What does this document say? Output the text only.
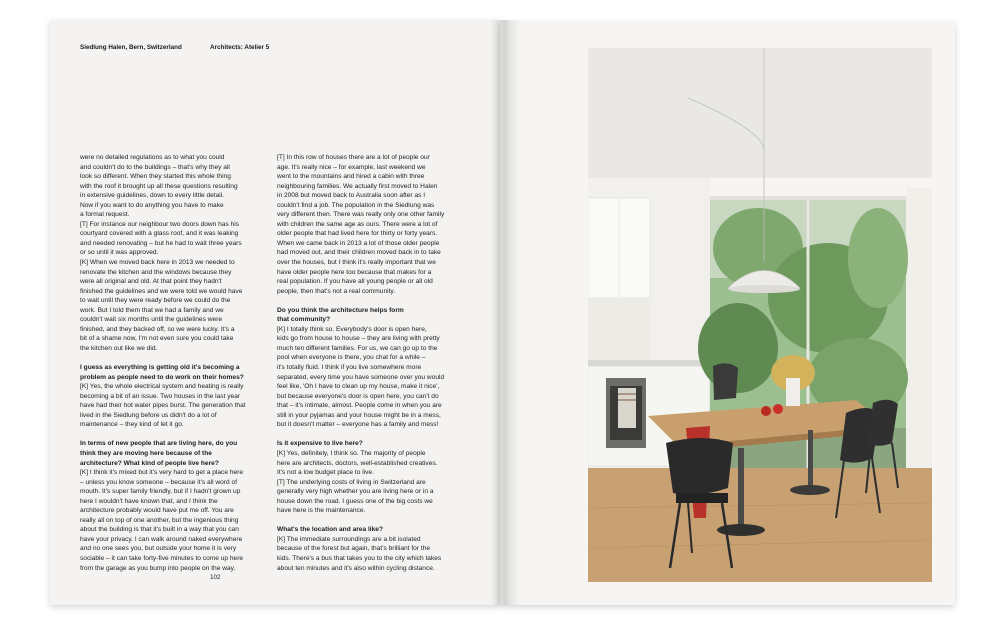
Siedlung Halen, Bern, Switzerland	Architects: Atelier 5

were no detailed regulations as to what you could

and couldn't do to the buildings – that's why they all

look so different. When they started this whole thing

with the roof it brought up all these questions resulting

in extensive guidelines, down to every little detail.

Now if you want to do anything you have to make

a formal request.

[T] For instance our neighbour two doors down has his

courtyard covered with a glass roof, and it was leaking

and needed renovating – but he had to wait three years

or so until it was approved.

[K] When we moved back here in 2013 we needed to

renovate the kitchen and the windows because they

were all original and old. At that point they hadn't

finished the guidelines and we were told we would have

to wait until they were ready before we could do the

work. But I told them that we had a family and we

couldn't wait six months until the guidelines were

finished, and they backed off, so we were lucky. It's a

bit of a shame now, I'm not even sure you could take

the kitchen out like we did.

I guess as everything is getting old it's becoming a

problem as people need to do work on their homes?

[K] Yes, the whole electrical system and heating is really

becoming a bit of an issue. Two houses in the last year

have had their hot water pipes burst. The generation that

lived in the Siedlung before us didn't do a lot of

maintenance – they kind of let it go.

In terms of new people that are living here, do you

think they are moving here because of the

architecture? What kind of people live here?

[K] I think it's mixed but it's very hard to get a place here

– unless you know someone – because it's all word of

mouth. It's super family friendly, but if I hadn't grown up

here I wouldn't have known that, and I think the

architecture probably would have put me off. You are

really all on top of one another, but the ingenious thing

about the building is that it's built in a way that you can

have your privacy. I can walk around naked everywhere

and no one sees you, but outside your home it is very

sociable – it can take forty-five minutes to come up here

from the garage as you bump into people on the way.

[T] In this row of houses there are a lot of people our

age. It's really nice – for example, last weekend we

went to the mountains and hired a cabin with three

neighbouring families. We actually first moved to Halen

in 2008 but moved back to Australia soon after as I

couldn't find a job. The population in the Siedlung was

very different then. There was really only one other family

with children the same age as ours. There were a lot of

older people that had lived here for thirty or forty years.

When we came back in 2013 a lot of those older people

had moved out, and their children moved back in to take

over the houses, but I think it's really important that we

have older people here too because that makes for a

real population. If you have all young people or all old

people, then that's not a real community.

Do you think the architecture helps form

that community?

[K] I totally think so. Everybody's door is open here,

kids go from house to house – they are living with pretty

much ten different families. For us, we can go up to the

pool when everyone is there, you chat for a while –

it's totally fluid. I think if you live somewhere more

separated, every time you have someone over you would

feel like, 'Oh I have to clean up my house, make it nice',

but because everyone's door is open here, you can't do

that – it's intimate, almost. People come in when you are

still in your pyjamas and your house might be in a mess,

but it doesn't matter – everyone has a family and mess!

Is it expensive to live here?

[K] Yes, definitely, I think so. The majority of people

here are architects, doctors, well-established creatives.

It's not a low budget place to live.

[T] The underlying costs of living in Switzerland are

generally very high whether you are living here or in a

house down the road. I guess one of the big costs we

have here is the maintenance.

What's the location and area like?

[K] The immediate surroundings are a bit isolated

because of the forest but again, that's brilliant for the

kids. There's a bus that takes you to the city which takes

about ten minutes and it's also within cycling distance.

102
